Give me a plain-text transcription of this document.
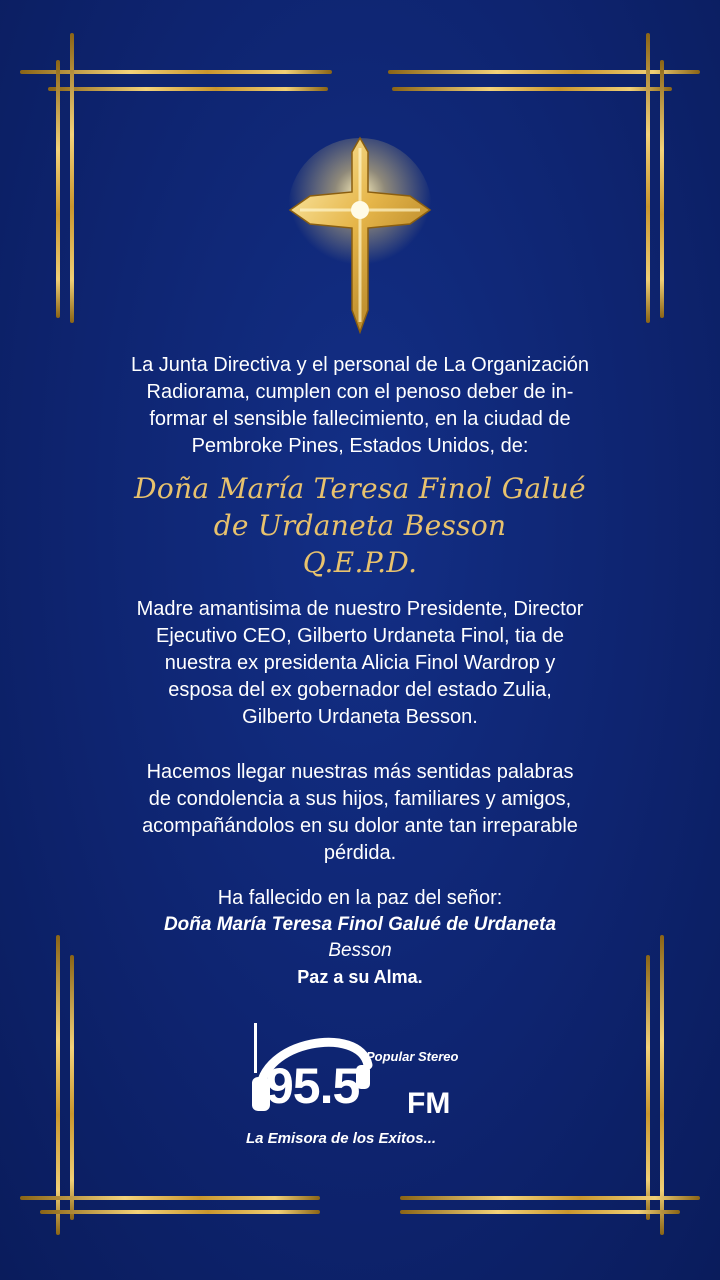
La Junta Directiva y el personal de La Organización
Radiorama, cumplen con el penoso deber de in-
formar el sensible fallecimiento, en la ciudad de
Pembroke Pines, Estados Unidos, de:
Doña María Teresa Finol Galué
de Urdaneta Besson
Q.E.P.D.
Madre amantisima de nuestro Presidente, Director
Ejecutivo CEO, Gilberto Urdaneta Finol, tia de
nuestra ex presidenta Alicia Finol Wardrop y
esposa del ex gobernador del estado Zulia,
Gilberto Urdaneta Besson.
Hacemos llegar nuestras más sentidas palabras
de condolencia a sus hijos, familiares y amigos,
acompañándolos en su dolor ante tan irreparable
pérdida.
Ha fallecido en la paz del señor:
Doña María Teresa Finol Galué de Urdaneta
Besson
Paz a su Alma.
Popular Stereo
95.5 FM
La Emisora de los Exitos...
